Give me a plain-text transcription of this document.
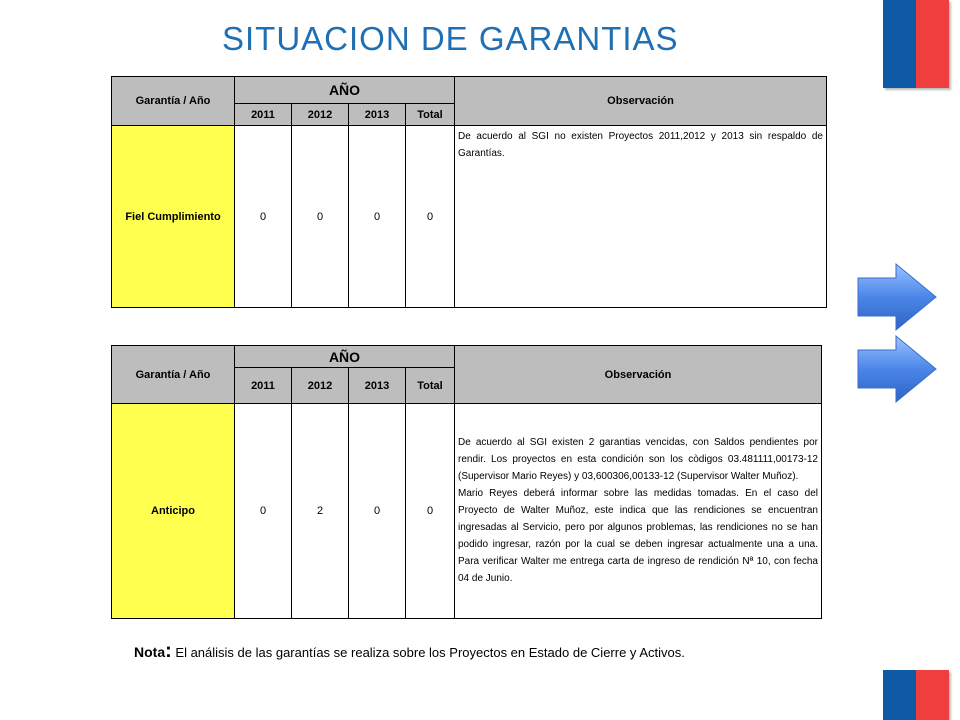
SITUACION DE GARANTIAS
Garantía / Año	AÑO				Observación
	2011	2012	2013	Total	
Fiel Cumplimiento	0	0	0	0	De acuerdo al SGI no existen Proyectos 2011,2012 y 2013 sin respaldo de Garantías.
Garantía / Año	AÑO				Observación
	2011	2012	2013	Total	
Anticipo	0	2	0	0	De acuerdo al SGI existen 2 garantias vencidas, con Saldos pendientes por rendir. Los proyectos en esta condición son los còdigos 03.481111,00173-12 (Supervisor Mario Reyes) y 03,600306,00133-12 (Supervisor Walter Muñoz).
Mario Reyes deberá informar sobre las medidas tomadas. En el caso del Proyecto de Walter Muñoz, este indica que las rendiciones se encuentran ingresadas al Servicio, pero por algunos problemas, las rendiciones no se han podido ingresar, razón por la cual se deben ingresar actualmente una a una. Para verificar Walter me entrega carta de ingreso de rendición Nª 10, con fecha 04 de Junio.
Nota: El análisis de las garantías se realiza sobre los Proyectos en Estado de Cierre y Activos.
